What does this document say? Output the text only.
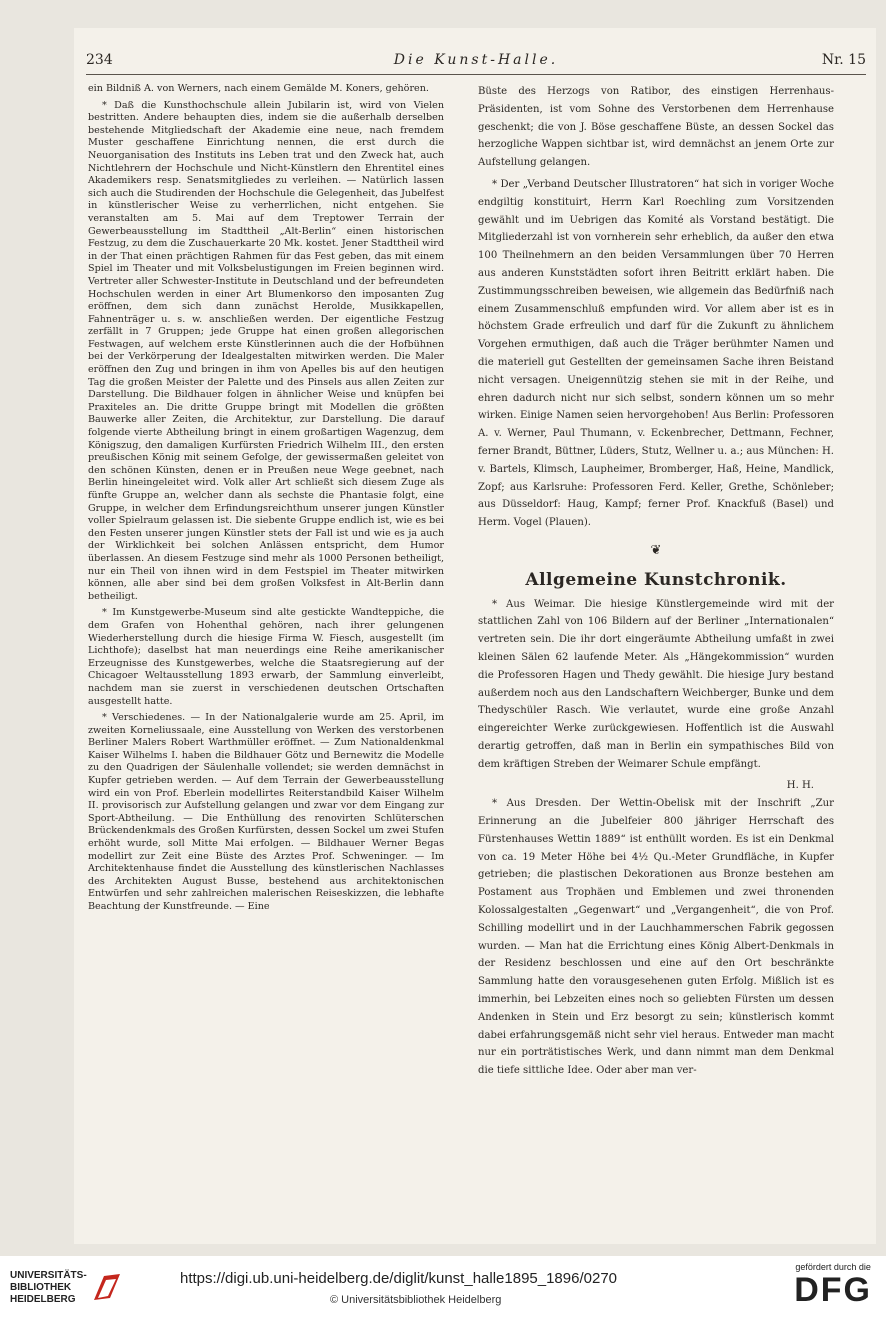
234	Die Kunst-Halle.	Nr. 15

ein Bildniß A. von Werners, nach einem Gemälde M. Koners, gehören.

* Daß die Kunsthochschule allein Jubilarin ist, wird von Vielen bestritten. Andere behaupten dies, indem sie die außerhalb derselben bestehende Mitgliedschaft der Akademie eine neue, nach fremdem Muster geschaffene Einrichtung nennen, die erst durch die Neuorganisation des Instituts ins Leben trat und den Zweck hat, auch Nichtlehrern der Hochschule und Nicht-Künstlern den Ehrentitel eines Akademikers resp. Senatsmitgliedes zu verleihen. — Natürlich lassen sich auch die Studirenden der Hochschule die Gelegenheit, das Jubelfest in künstlerischer Weise zu verherrlichen, nicht entgehen. Sie veranstalten am 5. Mai auf dem Treptower Terrain der Gewerbeausstellung im Stadttheil „Alt-Berlin“ einen historischen Festzug, zu dem die Zuschauerkarte 20 Mk. kostet. Jener Stadttheil wird in der That einen prächtigen Rahmen für das Fest geben, das mit einem Spiel im Theater und mit Volksbelustigungen im Freien beginnen wird. Vertreter aller Schwester-Institute in Deutschland und der befreundeten Hochschulen werden in einer Art Blumenkorso den imposanten Zug eröffnen, dem sich dann zunächst Herolde, Musikkapellen, Fahnenträger u. s. w. anschließen werden. Der eigentliche Festzug zerfällt in 7 Gruppen; jede Gruppe hat einen großen allegorischen Festwagen, auf welchem erste Künstlerinnen auch die der Hofbühnen bei der Verkörperung der Idealgestalten mitwirken werden. Die Maler eröffnen den Zug und bringen in ihm von Apelles bis auf den heutigen Tag die großen Meister der Palette und des Pinsels aus allen Zeiten zur Darstellung. Die Bildhauer folgen in ähnlicher Weise und knüpfen bei Praxiteles an. Die dritte Gruppe bringt mit Modellen die größten Bauwerke aller Zeiten, die Architektur, zur Darstellung. Die darauf folgende vierte Abtheilung bringt in einem großartigen Wagenzug, dem Königszug, den damaligen Kurfürsten Friedrich Wilhelm III., den ersten preußischen König mit seinem Gefolge, der gewissermaßen geleitet von den schönen Künsten, denen er in Preußen neue Wege geebnet, nach Berlin hineingeleitet wird. Volk aller Art schließt sich diesem Zuge als fünfte Gruppe an, welcher dann als sechste die Phantasie folgt, eine Gruppe, in welcher dem Erfindungsreichthum unserer jungen Künstler voller Spielraum gelassen ist. Die siebente Gruppe endlich ist, wie es bei den Festen unserer jungen Künstler stets der Fall ist und wie es ja auch der Wirklichkeit bei solchen Anlässen entspricht, dem Humor überlassen. An diesem Festzuge sind mehr als 1000 Personen betheiligt, nur ein Theil von ihnen wird in dem Festspiel im Theater mitwirken können, alle aber sind bei dem großen Volksfest in Alt-Berlin dann betheiligt.

* Im Kunstgewerbe-Museum sind alte gestickte Wandteppiche, die dem Grafen von Hohenthal gehören, nach ihrer gelungenen Wiederherstellung durch die hiesige Firma W. Fiesch, ausgestellt (im Lichthofe); daselbst hat man neuerdings eine Reihe amerikanischer Erzeugnisse des Kunstgewerbes, welche die Staatsregierung auf der Chicagoer Weltausstellung 1893 erwarb, der Sammlung einverleibt, nachdem man sie zuerst in verschiedenen deutschen Ortschaften ausgestellt hatte.

* Verschiedenes. — In der Nationalgalerie wurde am 25. April, im zweiten Korneliussaale, eine Ausstellung von Werken des verstorbenen Berliner Malers Robert Warthmüller eröffnet. — Zum Nationaldenkmal Kaiser Wilhelms I. haben die Bildhauer Götz und Bernewitz die Modelle zu den Quadrigen der Säulenhalle vollendet; sie werden demnächst in Kupfer getrieben werden. — Auf dem Terrain der Gewerbeausstellung wird ein von Prof. Eberlein modellirtes Reiterstandbild Kaiser Wilhelm II. provisorisch zur Aufstellung gelangen und zwar vor dem Eingang zur Sport-Abtheilung. — Die Enthüllung des renovirten Schlüterschen Brückendenkmals des Großen Kurfürsten, dessen Sockel um zwei Stufen erhöht wurde, soll Mitte Mai erfolgen. — Bildhauer Werner Begas modellirt zur Zeit eine Büste des Arztes Prof. Schweninger. — Im Architektenhause findet die Ausstellung des künstlerischen Nachlasses des Architekten August Busse, bestehend aus architektonischen Entwürfen und sehr zahlreichen malerischen Reiseskizzen, die lebhafte Beachtung der Kunstfreunde. — Eine

Büste des Herzogs von Ratibor, des einstigen Herrenhaus-Präsidenten, ist vom Sohne des Verstorbenen dem Herrenhause geschenkt; die von J. Böse geschaffene Büste, an dessen Sockel das herzogliche Wappen sichtbar ist, wird demnächst an jenem Orte zur Aufstellung gelangen.

* Der „Verband Deutscher Illustratoren“ hat sich in voriger Woche endgiltig konstituirt, Herrn Karl Roechling zum Vorsitzenden gewählt und im Uebrigen das Komité als Vorstand bestätigt. Die Mitgliederzahl ist von vornherein sehr erheblich, da außer den etwa 100 Theilnehmern an den beiden Versammlungen über 70 Herren aus anderen Kunststädten sofort ihren Beitritt erklärt haben. Die Zustimmungsschreiben beweisen, wie allgemein das Bedürfniß nach einem Zusammenschluß empfunden wird. Vor allem aber ist es in höchstem Grade erfreulich und darf für die Zukunft zu ähnlichem Vorgehen ermuthigen, daß auch die Träger berühmter Namen und die materiell gut Gestellten der gemeinsamen Sache ihren Beistand nicht versagen. Uneigennützig stehen sie mit in der Reihe, und ehren dadurch nicht nur sich selbst, sondern können um so mehr wirken. Einige Namen seien hervorgehoben! Aus Berlin: Professoren A. v. Werner, Paul Thumann, v. Eckenbrecher, Dettmann, Fechner, ferner Brandt, Büttner, Lüders, Stutz, Wellner u. a.; aus München: H. v. Bartels, Klimsch, Laupheimer, Bromberger, Haß, Heine, Mandlick, Zopf; aus Karlsruhe: Professoren Ferd. Keller, Grethe, Schönleber; aus Düsseldorf: Haug, Kampf; ferner Prof. Knackfuß (Basel) und Herm. Vogel (Plauen).

❦
Allgemeine Kunstchronik.

* Aus Weimar. Die hiesige Künstlergemeinde wird mit der stattlichen Zahl von 106 Bildern auf der Berliner „Internationalen“ vertreten sein. Die ihr dort eingeräumte Abtheilung umfaßt in zwei kleinen Sälen 62 laufende Meter. Als „Hängekommission“ wurden die Professoren Hagen und Thedy gewählt. Die hiesige Jury bestand außerdem noch aus den Landschaftern Weichberger, Bunke und dem Thedyschüler Rasch. Wie verlautet, wurde eine große Anzahl eingereichter Werke zurückgewiesen. Hoffentlich ist die Auswahl derartig getroffen, daß man in Berlin ein sympathisches Bild von dem kräftigen Streben der Weimarer Schule empfängt.

H. H.

* Aus Dresden. Der Wettin-Obelisk mit der Inschrift „Zur Erinnerung an die Jubelfeier 800 jähriger Herrschaft des Fürstenhauses Wettin 1889“ ist enthüllt worden. Es ist ein Denkmal von ca. 19 Meter Höhe bei 4½ Qu.-Meter Grundfläche, in Kupfer getrieben; die plastischen Dekorationen aus Bronze bestehen am Postament aus Trophäen und Emblemen und zwei thronenden Kolossalgestalten „Gegenwart“ und „Vergangenheit“, die von Prof. Schilling modellirt und in der Lauchhammerschen Fabrik gegossen wurden. — Man hat die Errichtung eines König Albert-Denkmals in der Residenz beschlossen und eine auf den Ort beschränkte Sammlung hatte den vorausgesehenen guten Erfolg. Mißlich ist es immerhin, bei Lebzeiten eines noch so geliebten Fürsten um dessen Andenken in Stein und Erz besorgt zu sein; künstlerisch kommt dabei erfahrungsgemäß nicht sehr viel heraus. Entweder man macht nur ein porträtistisches Werk, und dann nimmt man dem Denkmal die tiefe sittliche Idee. Oder aber man ver-

UNIVERSITÄTS-
BIBLIOTHEK
HEIDELBERG
https://digi.ub.uni-heidelberg.de/diglit/kunst_halle1895_1896/0270
© Universitätsbibliothek Heidelberg
gefördert durch die
DFG
